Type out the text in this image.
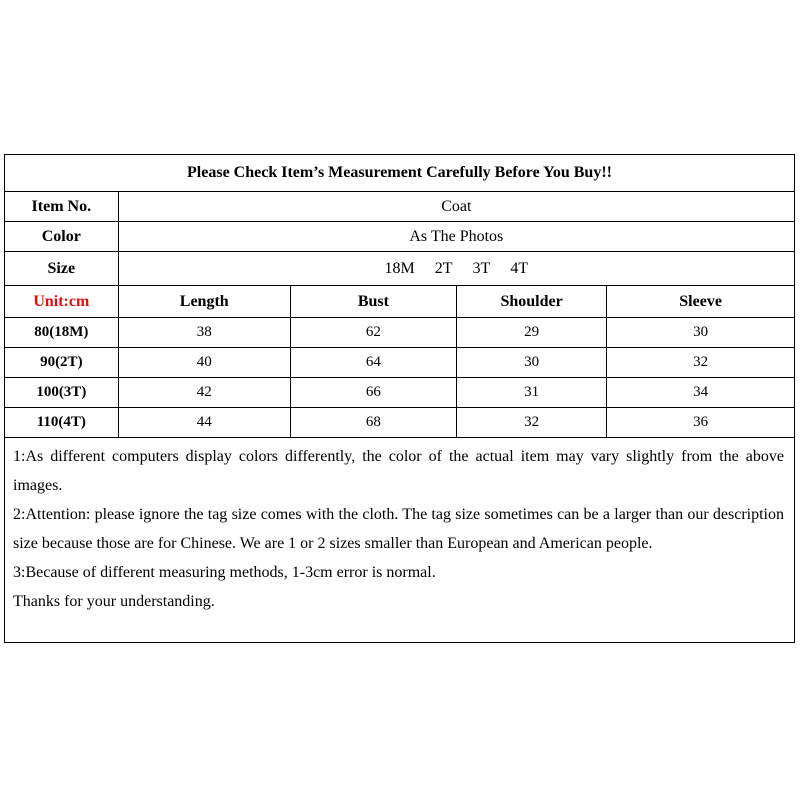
Please Check Item’s Measurement Carefully Before You Buy!!				
Item No.	Coat			
Color	As The Photos			
Size	18M 2T 3T 4T			
Unit:cm	Length	Bust	Shoulder	Sleeve
80(18M)	38	62	29	30
90(2T)	40	64	30	32
100(3T)	42	66	31	34
110(4T)	44	68	32	36

1:As different computers display colors differently, the color of the actual item may vary slightly from the above images.

2:Attention: please ignore the tag size comes with the cloth. The tag size sometimes can be a larger than our description size because those are for Chinese. We are 1 or 2 sizes smaller than European and American people.

3:Because of different measuring methods, 1-3cm error is normal.

Thanks for your understanding.
